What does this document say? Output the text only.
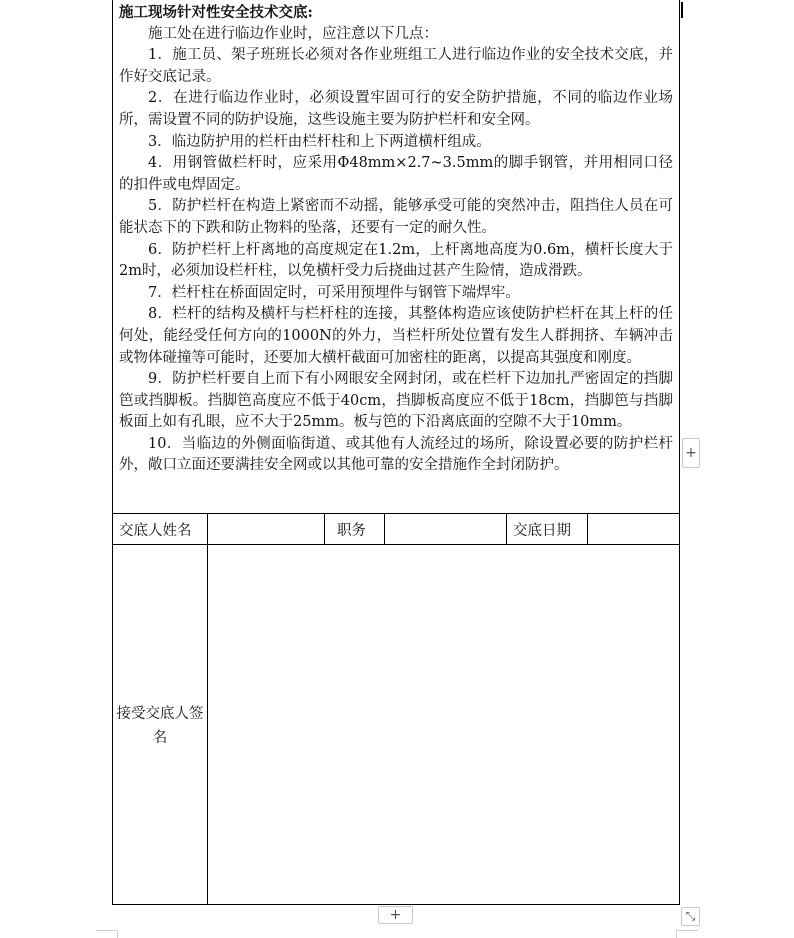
施工现场针对性安全技术交底:

施工处在进行临边作业时，应注意以下几点：

1．施工员、架子班班长必须对各作业班组工人进行临边作业的安全技术交底，并作好交底记录。

2．在进行临边作业时，必须设置牢固可行的安全防护措施，不同的临边作业场所，需设置不同的防护设施，这些设施主要为防护栏杆和安全网。

3．临边防护用的栏杆由栏杆柱和上下两道横杆组成。

4．用钢管做栏杆时，应采用Φ48mm×2.7~3.5mm的脚手钢管，并用相同口径的扣件或电焊固定。

5．防护栏杆在构造上紧密而不动摇，能够承受可能的突然冲击，阻挡住人员在可能状态下的下跌和防止物料的坠落，还要有一定的耐久性。

6．防护栏杆上杆离地的高度规定在1.2m，上杆离地高度为0.6m，横杆长度大于2m时，必须加设栏杆柱，以免横杆受力后挠曲过甚产生险情，造成滑跌。

7．栏杆柱在桥面固定时，可采用预埋件与钢管下端焊牢。

8．栏杆的结构及横杆与栏杆柱的连接，其整体构造应该使防护栏杆在其上杆的任何处，能经受任何方向的1000N的外力，当栏杆所处位置有发生人群拥挤、车辆冲击或物体碰撞等可能时，还要加大横杆截面可加密柱的距离，以提高其强度和刚度。

9．防护栏杆要自上而下有小网眼安全网封闭，或在栏杆下边加扎严密固定的挡脚笆或挡脚板。挡脚笆高度应不低于40cm，挡脚板高度应不低于18cm，挡脚笆与挡脚板面上如有孔眼，应不大于25mm。板与笆的下沿离底面的空隙不大于10mm。

10．当临边的外侧面临街道、或其他有人流经过的场所，除设置必要的防护栏杆外，敞口立面还要满挂安全网或以其他可靠的安全措施作全封闭防护。

交底人姓名	职务	交底日期
接受交底人签名
+
+	⤡
